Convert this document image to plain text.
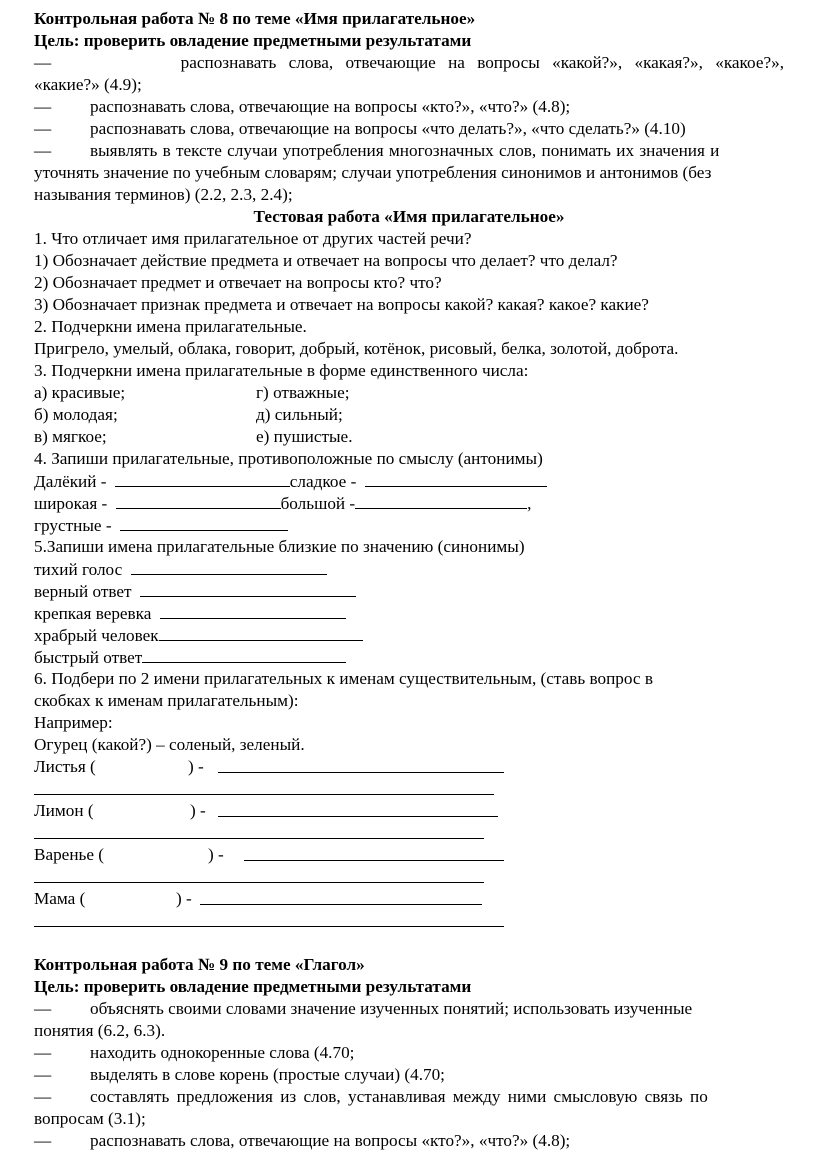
Контрольная работа № 8 по теме «Имя прилагательное»
Цель: проверить овладение предметными результатами
—	распознавать слова, отвечающие на вопросы «какой?», «какая?», «какое?»,
«какие?» (4.9);
— распознавать слова, отвечающие на вопросы «кто?», «что?» (4.8);
— распознавать слова, отвечающие на вопросы «что делать?», «что сделать?» (4.10)
— выявлять в тексте случаи употребления многозначных слов, понимать их значения и
уточнять значение по учебным словарям; случаи употребления синонимов и антонимов (без
называния терминов) (2.2, 2.3, 2.4);
Тестовая работа «Имя прилагательное»
1. Что отличает имя прилагательное от других частей речи?
1) Обозначает действие предмета и отвечает на вопросы что делает? что делал?
2) Обозначает предмет и отвечает на вопросы кто? что?
3) Обозначает признак предмета и отвечает на вопросы какой? какая? какое? какие?
2. Подчеркни имена прилагательные.
Пригрело, умелый, облака, говорит, добрый, котёнок, рисовый, белка, золотой, доброта.
3. Подчеркни имена прилагательные в форме единственного числа:
а) красивые;	г) отважные;
б) молодая;	д) сильный;
в) мягкое;	е) пушистые.
4. Запиши прилагательные, противоположные по смыслу (антонимы)
Далёкий -	сладкое -
широкая -	большой -	,
грустные -
5.Запиши имена прилагательные близкие по значению (синонимы)
тихий голос
верный ответ
крепкая веревка
храбрый человек
быстрый ответ
6. Подбери по 2 имени прилагательных к именам существительным, (ставь вопрос в
скобках к именам прилагательным):
Например:
Огурец (какой?) – соленый, зеленый.
Листья (	) -
Лимон (	) -
Варенье (	) -
Мама (	) -
Контрольная работа № 9 по теме «Глагол»
Цель: проверить овладение предметными результатами
— объяснять своими словами значение изученных понятий; использовать изученные
понятия (6.2, 6.3).
— находить однокоренные слова (4.70;
— выделять в слове корень (простые случаи) (4.70;
— составлять предложения из слов, устанавливая между ними смысловую связь по
вопросам (3.1);
— распознавать слова, отвечающие на вопросы «кто?», «что?» (4.8);
